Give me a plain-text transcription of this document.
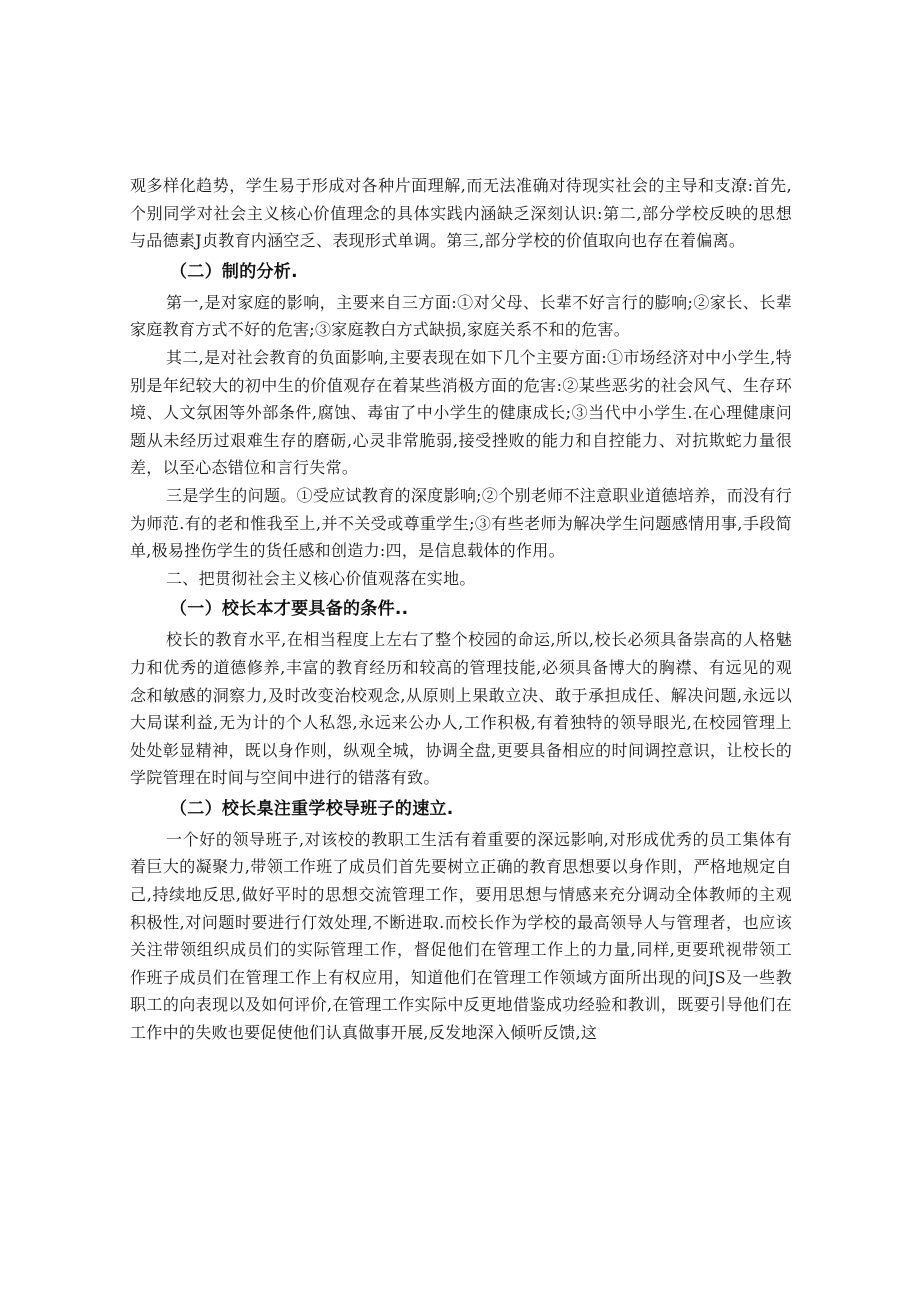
观多样化趋势，学生易于形成对各种片面理解,而无法准确对待现实社会的主导和支潦:首先,个别同学对社会主义核心价值理念的具体实践内涵缺乏深刻认识:第二,部分学校反映的思想与品德素J贞教育内涵空乏、表现形式单调。第三,部分学校的价值取向也存在着偏离。

（二）制的分析.

第一,是对家庭的影响，主要来自三方面:①对父母、长辈不好言行的膨响;②家长、长辈家庭教育方式不好的危害;③家庭教白方式缺损,家庭关系不和的危害。

其二,是对社会教育的负面影响,主要表现在如下几个主要方面:①市场经济对中小学生,特别是年纪较大的初中生的价值观存在着某些消极方面的危害:②某些恶劣的社会风气、生存环境、人文氛困等外部条件,腐蚀、毒宙了中小学生的健康成长;③当代中小学生.在心理健康问题从未经历过艰难生存的磨砺,心灵非常脆弱,接受挫败的能力和自控能力、对抗欺蛇力量很差，以至心态错位和言行失常。

三是学生的问题。①受应试教育的深度影响;②个别老师不注意职业道德培养，而没有行为师范.有的老和惟我至上,并不关受或尊重学生;③有些老师为解决学生问题感情用事,手段简单,极易挫伤学生的货任感和创造力:四，是信息载体的作用。

二、把贯彻社会主义核心价值观落在实地。

（一）校长本才要具备的条件..

校长的教育水平,在相当程度上左右了整个校园的命运,所以,校长必须具备崇高的人格魅力和优秀的道德修养,丰富的教育经历和较高的管理技能,必须具备博大的胸襟、有远见的观念和敏感的洞察力,及时改变治校观念,从原则上果敢立决、敢于承担成任、解决问题,永远以大局谋利益,无为计的个人私怨,永远来公办人,工作积极,有着独特的领导眼光,在校园管理上处处彰显精神，既以身作则，纵观全城，协调全盘,更要具备相应的时间调控意识，让校长的学院管理在时间与空间中进行的错落有致。

（二）校长臬注重学校导班子的速立.

一个好的领导班子,对该校的教职工生活有着重要的深远影响,对形成优秀的员工集体有着巨大的凝聚力,带领工作班了成员们首先要树立正确的教育思想要以身作則，严格地规定自己,持续地反思,做好平时的思想交流管理工作，要用思想与情感来充分调动全体教师的主观积极性,对问题时要进行仃效处理,不断进取.而校长作为学校的最高领导人与管理者，也应该关注带领组织成员们的实际管理工作，督促他们在管理工作上的力量,同样,更要玳视带领工作班子成员们在管理工作上有权应用，知道他们在管理工作领域方面所出现的问JS及一些教职工的向表现以及如何评价,在管理工作实际中反更地借鉴成功经验和教训，既要引导他们在工作中的失败也要促使他们认真做事开展,反发地深入倾听反馈,这
